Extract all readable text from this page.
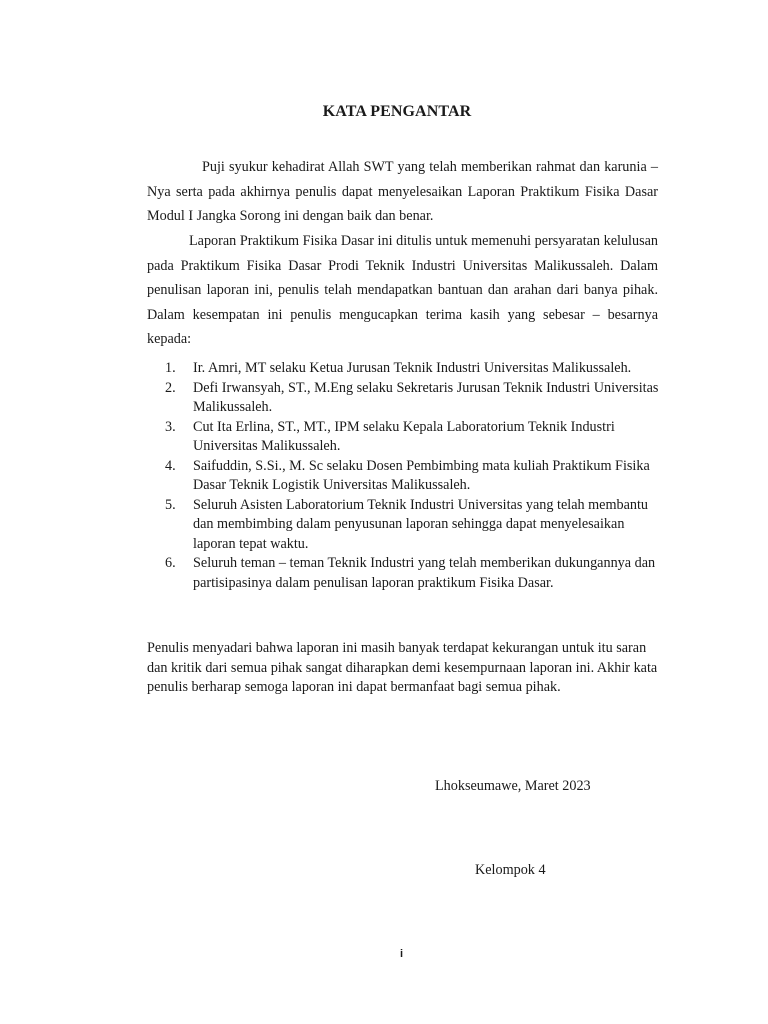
KATA PENGANTAR

Puji syukur kehadirat Allah SWT yang telah memberikan rahmat dan karunia – Nya serta pada akhirnya penulis dapat menyelesaikan Laporan Praktikum Fisika Dasar Modul I Jangka Sorong ini dengan baik dan benar.

Laporan Praktikum Fisika Dasar ini ditulis untuk memenuhi persyaratan kelulusan pada Praktikum Fisika Dasar Prodi Teknik Industri Universitas Malikussaleh. Dalam penulisan laporan ini, penulis telah mendapatkan bantuan dan arahan dari banya pihak. Dalam kesempatan ini penulis mengucapkan terima kasih yang sebesar – besarnya kepada:

1. Ir. Amri, MT selaku Ketua Jurusan Teknik Industri Universitas Malikussaleh.
2. Defi Irwansyah, ST., M.Eng selaku Sekretaris Jurusan Teknik Industri Universitas Malikussaleh.
3. Cut Ita Erlina, ST., MT., IPM selaku Kepala Laboratorium Teknik Industri Universitas Malikussaleh.
4. Saifuddin, S.Si., M. Sc selaku Dosen Pembimbing mata kuliah Praktikum Fisika Dasar Teknik Logistik Universitas Malikussaleh.
5. Seluruh Asisten Laboratorium Teknik Industri Universitas yang telah membantu dan membimbing dalam penyusunan laporan sehingga dapat menyelesaikan laporan tepat waktu.
6. Seluruh teman – teman Teknik Industri yang telah memberikan dukungannya dan partisipasinya dalam penulisan laporan praktikum Fisika Dasar.

Penulis menyadari bahwa laporan ini masih banyak terdapat kekurangan untuk itu saran dan kritik dari semua pihak sangat diharapkan demi kesempurnaan laporan ini. Akhir kata penulis berharap semoga laporan ini dapat bermanfaat bagi semua pihak.

Lhokseumawe, Maret 2023
Kelompok 4
i
